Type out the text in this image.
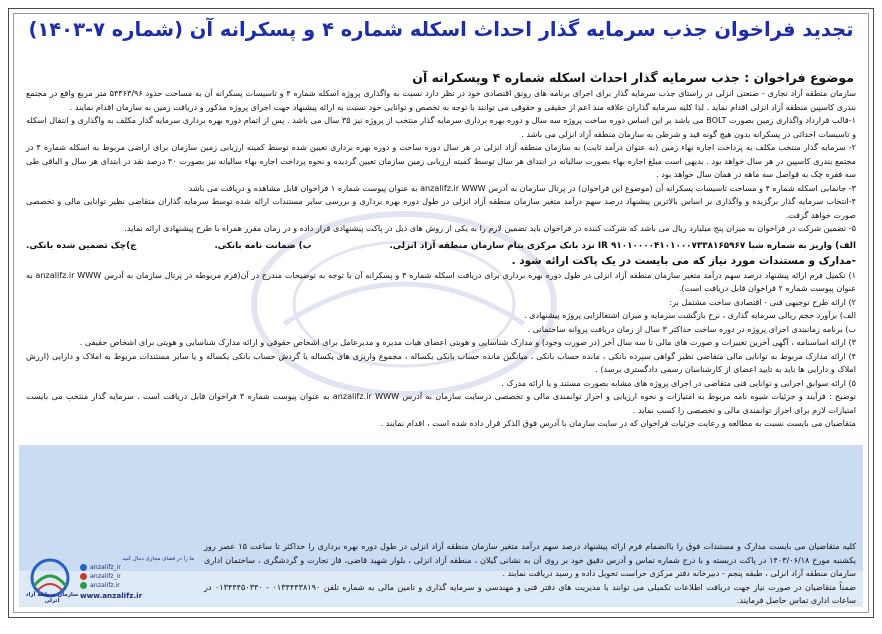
تجدید فراخوان جذب سرمایه گذار احداث اسکله شماره ۴ و پسکرانه آن (شماره ۷-۱۴۰۳)
موضوع فراخوان : جذب سرمایه گذار احداث اسکله شماره ۴ وپسکرانه آن

سازمان منطقه آزاد تجاری - صنعتی انزلی در راستای جذب سرمایه گذار برای اجرای برنامه های رونق اقتصادی خود در نظر دارد نسبت به واگذاری پروژه اسکله شماره ۴ و تاسیسات پسکرانه آن به مساحت حدود ۵۴۳۶۳/۹۶ متر مربع واقع در مجتمع بندری کاسپین منطقه آزاد انزلی اقدام نماید . لذا کلیه سرمایه گذاران علاقه مند اعم از حقیقی و حقوقی می توانند با توجه به تخصص و توانایی خود نسبت به ارائه پیشنهاد جهت اجرای پروژه مذکور و دریافت زمین به سازمان اقدام نمایند .

۱-قالب قرارداد واگذاری زمین بصورت BOLT می باشد بر این اساس دوره ساخت پروژه سه سال و دوره بهره برداری سرمایه گذار منتخب از پروژه نیز ۳۵ سال می باشد . پس از اتمام دوره بهره برداری سرمایه گذار مکلف به واگذاری و انتقال اسکله و تاسیسات احداثی در پسکرانه بدون هیچ گونه قید و شرطی به سازمان منطقه آزاد انزلی می باشد .

۲- سرمایه گذار منتخب مکلف به پرداخت اجاره بهاء زمین (به عنوان درآمد ثابت) به سازمان منطقه آزاد انزلی در هر سال دوره ساخت و دوره بهره برداری تعیین شده توسط کمیته ارزیابی زمین سازمان برای اراضی مربوط به اسکله شماره ۴ در مجتمع بندری کاسپین در هر سال خواهد بود . بدیهی است مبلغ اجاره بهاء بصورت سالیانه در ابتدای هر سال توسط کمیته ارزیابی زمین سازمان تعیین گردیده و نحوه پرداخت اجاره بهاء سالیانه نیز بصورت ۴۰ درصد نقد در ابتدای هر سال و الباقی طی سه فقره چک به فواصل سه ماهه در همان سال خواهد بود .

۳- جانمایی اسکله شماره ۴ و مساحت تاسیسات پسکرانه آن (موضوع این فراخوان) در پرتال سازمان به آدرس anzalifz.ir WWW به عنوان پیوست شماره ۱ فراخوان قابل مشاهده و دریافت می باشد

۴-انتخاب سرمایه گذار برگزیده و واگذاری بر اساس بالاترین پیشنهاد درصد سهم درآمد متغیر سازمان منطقه آزاد انزلی در طول دوره بهره برداری و بررسی سایر مستندات ارائه شده توسط سرمایه گذاران متقاضی نظیر توانایی مالی و تخصصی صورت خواهد گرفت.

۵- تضمین شرکت در فراخوان به میزان پنج میلیارد ریال می باشد که شرکت کننده در فراخوان باید تضمین لازم را به یکی از روش های ذیل در پاکت پیشنهادی قرار داده و در زمان مقرر همراه با طرح پیشنهادی ارائه نماید.

الف) واریز به شماره شبا IR ۹۱۰۱۰۰۰۰۴۱۰۱۰۰۰۷۳۳۸۱۶۵۹۶۷ نزد بانک مرکزی بنام سازمان منطقه آزاد انزلی.
ب) ضمانت نامه بانکی.
ج)چک تضمین شده بانکی.
-مدارک و مستندات مورد نیاز که می بایست در یک پاکت ارائه شود .

۱) تکمیل فرم ارائه پیشنهاد درصد سهم درآمد متغیر سازمان منطقه آزاد انزلی در طول دوره بهره برداری برای دریافت اسکله شماره ۴ و پسکرانه آن با توجه به توضیحات مندرج در آن(فرم مربوطه در پرتال سازمان به آدرس anzalifz.ir WWW به عنوان پیوست شماره ۲ فراخوان قابل دریافت است).

۲) ارائه طرح توجیهی فنی - اقتصادی ساخت مشتمل بر:

الف) برآورد حجم ریالی سرمایه گذاری ، نرخ بازگشت سرمایه و میزان اشتغالزایی پروژه پیشنهادی .

ب) برنامه زمانبندی اجرای پروژه در دوره ساخت حداکثر ۳ سال از زمان دریافت پروانه ساختمانی .

۳) ارائه اساسنامه ، آگهی آخرین تغییرات و صورت های مالی تا سه سال آخر (در صورت وجود) و مدارک شناسایی و هویتی اعضای هیات مدیره و مدیرعامل برای اشخاص حقوقی و ارائه مدارک شناسایی و هویتی برای اشخاص حقیقی .

۴) ارائه مدارک مربوط به توانایی مالی متقاضی نظیر گواهی سپرده بانکی ، مانده حساب بانکی ، میانگین مانده حساب بانکی یکساله ، مجموع واریزی های یکساله یا گردش حساب بانکی یکساله و یا سایر مستندات مربوط به املاک و دارایی (ارزش املاک و دارایی ها باید به تایید اعضای از کارشناسان رسمی دادگستری برسد) .

۵) ارائه سوابق اجرایی و توانایی فنی متقاضی در اجرای پروژه های مشابه بصورت مستند و یا ارائه مدرک .

توضیح : فرآیند و جزئیات شیوه نامه مربوط به امتیازات و نحوه ارزیابی و احراز توانمندی مالی و تخصصی درسایت سازمان به آدرس anzalifz.ir WWW به عنوان پیوست شماره ۳ فراخوان قابل دریافت است . سرمایه گذار منتخب می بایست امتیازات لازم برای احراز توانمندی مالی و تخصصی را کسب نماید .

متقاضیان می بایست نسبت به مطالعه و رعایت جزئیات فراخوان که در سایت سازمان با آدرس فوق الذکر قرار داده شده است ، اقدام نمایند .

کلیه متقاضیان می بایست مدارک و مستندات فوق را باانضمام فرم ارائه پیشنهاد درصد سهم درآمد متغیر سازمان منطقه آزاد انزلی در طول دوره بهره برداری را حداکثر تا ساعت ۱۵ عصر روز یکشنبه مورخ ۱۴۰۳/۰۶/۱۸ در پاکت دربسته و با درج شماره تماس و آدرس دقیق خود بر روی آن به نشانی گیلان ، منطقه آزاد انزلی ، بلوار شهید قاضی، فاز تجارت و گردشگری ، ساختمان اداری سازمان منطقه آزاد انزلی ، طبقه پنجم - دبیرخانه دفتر مرکزی حراست تحویل داده و رسید دریافت نمایند .

ضمناً متقاضیان در صورت نیاز جهت دریافت اطلاعات تکمیلی می توانند با مدیریت های دفتر فنی و مهندسی و سرمایه گذاری و تامین مالی به شماره تلفن ۰۱۳۴۴۴۳۸۱۹۰ - ۰۱۳۴۴۴۵۰۳۴۰ در ساعات اداری تماس حاصل فرمایند.

سازمان منطقه آزاد انزلی
ما را در فضای مجازی دنبال کنید
anzalifz_ir
anzalifz_ir
anzalifz.ir
www.anzalifz.ir
